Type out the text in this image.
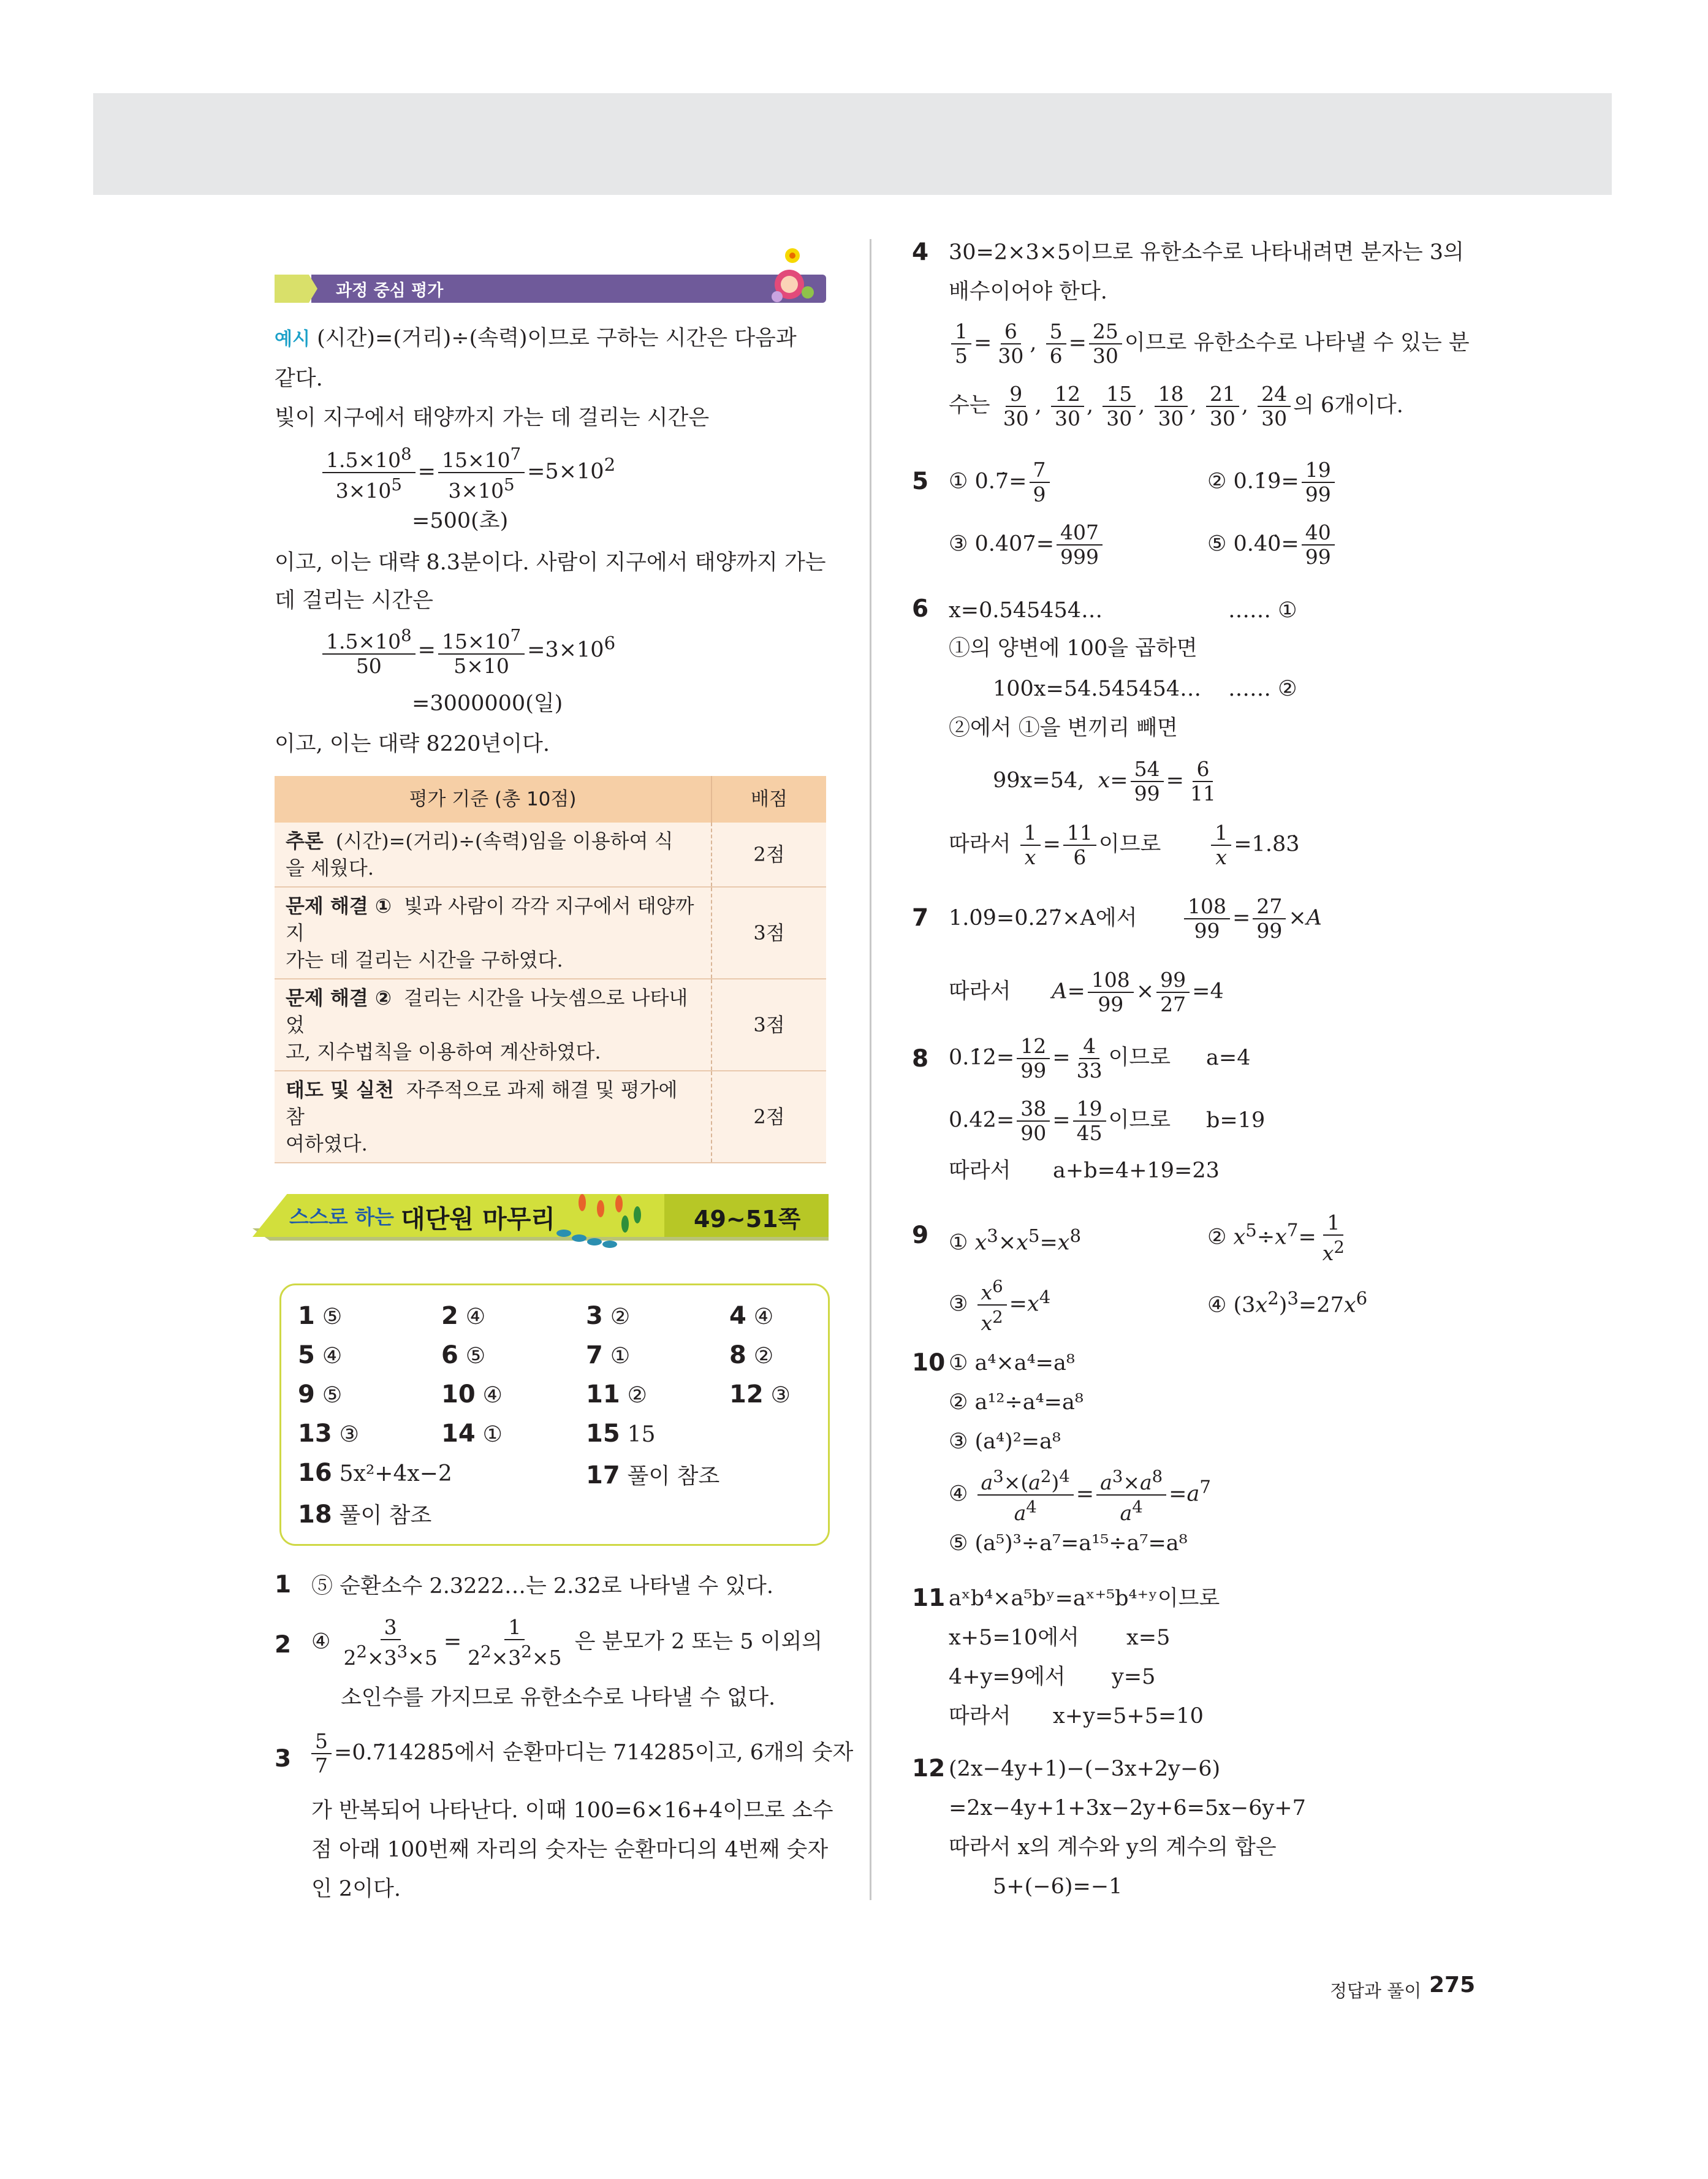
과정 중심 평가
예시 (시간)=(거리)÷(속력)이므로 구하는 시간은 다음과
같다.
빛이 지구에서 태양까지 가는 데 걸리는 시간은
$\frac{1.5\times 10^8}{3\times 10^5} = \frac{15\times 10^7}{3\times 10^5} =5\times 10^2$
=500(초)
이고, 이는 대략 8.3분이다. 사람이 지구에서 태양까지 가는
데 걸리는 시간은
$\frac{1.5\times 10^8}{50} = \frac{15\times 10^7}{5\times 10} =3\times 10^6$
=3000000(일)
이고, 이는 대략 8220년이다.
평가 기준 (총 10점)	배점
추론 (시간)=(거리)÷(속력)임을 이용하여 식
을 세웠다.	2점
문제 해결 ① 빛과 사람이 각각 지구에서 태양까지
가는 데 걸리는 시간을 구하였다.	3점
문제 해결 ② 걸리는 시간을 나눗셈으로 나타내었
고, 지수법칙을 이용하여 계산하였다.	3점
태도 및 실천 자주적으로 과제 해결 및 평가에 참
여하였다.	2점
스스로 하는 대단원 마무리	49~51쪽
1 ⑤	2 ④	3 ②	4 ④
5 ④	6 ⑤	7 ①	8 ②
9 ⑤	10 ④	11 ②	12 ③
13 ③	14 ①	15 15
16 5x²+4x−2	17 풀이 참조
18 풀이 참조
1 ⑤ 순환소수 2.3222…는 2.32̇로 나타낼 수 있다.
2 ④ $\frac{3}{2^2\times 3^3\times 5} = \frac{1}{2^2\times 3^2\times 5}$ 은 분모가 2 또는 5 이외의
소인수를 가지므로 유한소수로 나타낼 수 없다.
$3 \frac{5}{7}$ =0.7̇14285̇에서 순환마디는 714285이고, 6개의 숫자
가 반복되어 나타난다. 이때 100=6×16+4이므로 소수
점 아래 100번째 자리의 숫자는 순환마디의 4번째 숫자
인 2이다.
4 30=2×3×5이므로 유한소수로 나타내려면 분자는 3의
배수이어야 한다.
$\frac{1}{5} = \frac{6}{30}$ , $\frac{5}{6} = \frac{25}{30}$ 이므로 유한소수로 나타낼 수 있는 분
수는 $\frac{9}{30}$ , $\frac{12}{30}$ , $\frac{15}{30}$ , $\frac{18}{30}$ , $\frac{21}{30}$ , $\frac{24}{30}$ 의 6개이다.
5 ① 0.7̇= $\frac{7}{9}$	② 0.1̇9̇= $\frac{19}{99}$
③ 0.4̇07̇= $\frac{407}{999}$	⑤ 0.4̇0̇= $\frac{40}{99}$
6 x=0.545454…	…… ①
①의 양변에 100을 곱하면
100x=54.545454… …… ②
②에서 ①을 변끼리 빼면
99x=54, $x= \frac{54}{99} = \frac{6}{11}$
따라서 $\frac{1}{x} = \frac{11}{6}$ 이므로 $\frac{1}{x}$ =1.83̇
7 1.0̇9̇=0.2̇7̇×A에서 $\frac{108}{99} = \frac{27}{99} \times A$
따라서 $A= \frac{108}{99} \times \frac{99}{27} =4$
8 0.1̇2̇= $\frac{12}{99} = \frac{4}{33}$ 이므로 a=4
0.42̇= $\frac{38}{90} = \frac{19}{45}$ 이므로 b=19
따라서 a+b=4+19=23
9 ① $x^3\times x^5=x^8$	② $x^5\div x^7= \frac{1}{x^2}$
③ $\frac{x^6}{x^2} =x^4$	④ $(3x^2)^3=27x^6$
10 ① a⁴×a⁴=a⁸
② a¹²÷a⁴=a⁸
③ (a⁴)²=a⁸
④ $\frac{a^3\times(a^2)^4}{a^4} = \frac{a^3\times a^8}{a^4} =a^7$
⑤ (a⁵)³÷a⁷=a¹⁵÷a⁷=a⁸
11 aˣb⁴×a⁵bʸ=aˣ⁺⁵b⁴⁺ʸ이므로
x+5=10에서 x=5
4+y=9에서 y=5
따라서 x+y=5+5=10
12 (2x−4y+1)−(−3x+2y−6)
=2x−4y+1+3x−2y+6=5x−6y+7
따라서 x의 계수와 y의 계수의 합은
5+(−6)=−1
정답과 풀이 275
